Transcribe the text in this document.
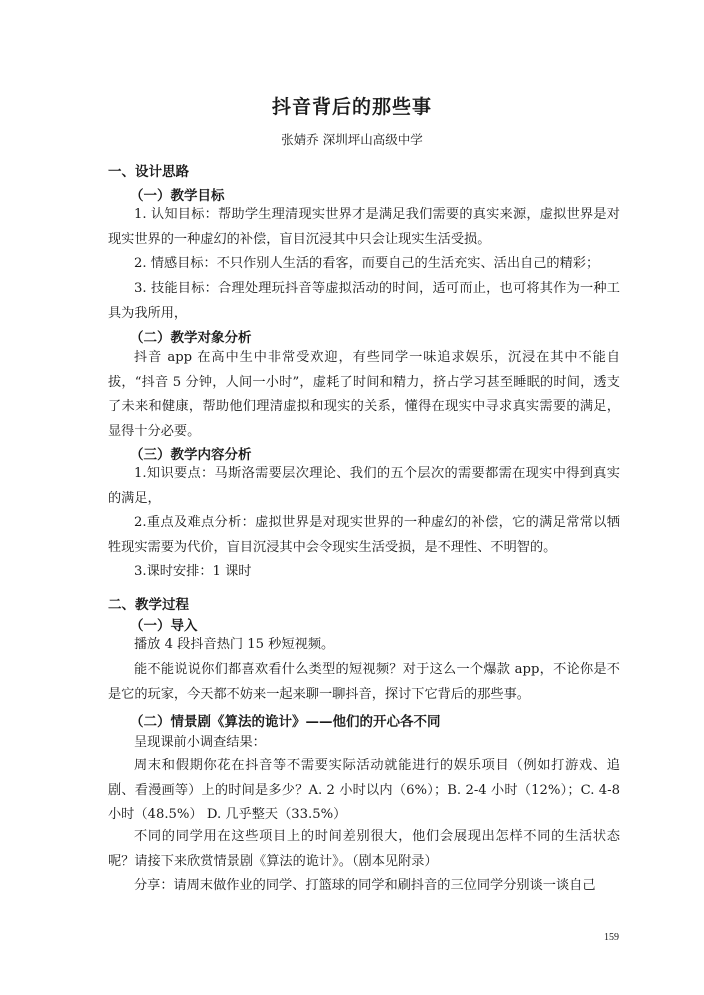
抖音背后的那些事
张婧乔 深圳坪山高级中学
一、设计思路
（一）教学目标
1. 认知目标：帮助学生理清现实世界才是满足我们需要的真实来源，虚拟世界是对现实世界的一种虚幻的补偿，盲目沉浸其中只会让现实生活受损。
2. 情感目标：不只作别人生活的看客，而要自己的生活充实、活出自己的精彩；
3. 技能目标：合理处理玩抖音等虚拟活动的时间，适可而止，也可将其作为一种工具为我所用，
（二）教学对象分析
抖音 app 在高中生中非常受欢迎，有些同学一味追求娱乐，沉浸在其中不能自拔，“抖音 5 分钟，人间一小时”，虚耗了时间和精力，挤占学习甚至睡眠的时间，透支了未来和健康，帮助他们理清虚拟和现实的关系，懂得在现实中寻求真实需要的满足，显得十分必要。
（三）教学内容分析
1.知识要点：马斯洛需要层次理论、我们的五个层次的需要都需在现实中得到真实的满足，
2.重点及难点分析：虚拟世界是对现实世界的一种虚幻的补偿，它的满足常常以牺牲现实需要为代价，盲目沉浸其中会令现实生活受损，是不理性、不明智的。
3.课时安排：1 课时
二、教学过程
（一）导入
播放 4 段抖音热门 15 秒短视频。
能不能说说你们都喜欢看什么类型的短视频？对于这么一个爆款 app，不论你是不是它的玩家，今天都不妨来一起来聊一聊抖音，探讨下它背后的那些事。
（二）情景剧《算法的诡计》——他们的开心各不同
呈现课前小调查结果：
周末和假期你花在抖音等不需要实际活动就能进行的娱乐项目（例如打游戏、追剧、看漫画等）上的时间是多少？A. 2 小时以内（6%）；B. 2-4 小时（12%）；C. 4-8 小时（48.5%） D. 几乎整天（33.5%）
不同的同学用在这些项目上的时间差别很大，他们会展现出怎样不同的生活状态呢？请接下来欣赏情景剧《算法的诡计》。（剧本见附录）
分享：请周末做作业的同学、打篮球的同学和刷抖音的三位同学分别谈一谈自己
159
